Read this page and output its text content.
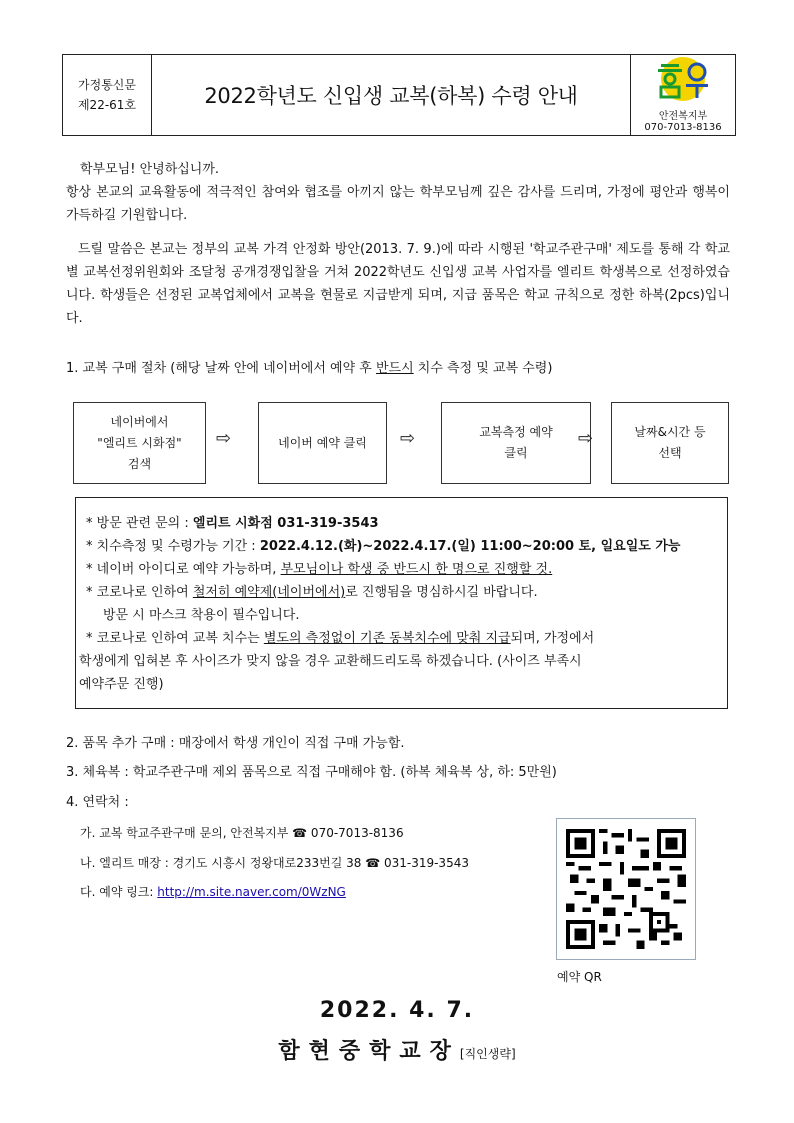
가정통신문
제22-61호	2022학년도 신입생 교복(하복) 수령 안내
안전복지부
070-7013-8136
학부모님! 안녕하십니까.
항상 본교의 교육활동에 적극적인 참여와 협조를 아끼지 않는 학부모님께 깊은 감사를 드리며, 가정에 평안과 행복이 가득하길 기원합니다.
드릴 말씀은 본교는 정부의 교복 가격 안정화 방안(2013. 7. 9.)에 따라 시행된 '학교주관구매' 제도를 통해 각 학교별 교복선정위원회와 조달청 공개경쟁입찰을 거쳐 2022학년도 신입생 교복 사업자를 엘리트 학생복으로 선정하였습니다. 학생들은 선정된 교복업체에서 교복을 현물로 지급받게 되며, 지급 품목은 학교 규칙으로 정한 하복(2pcs)입니다.
1. 교복 구매 절차 (해당 날짜 안에 네이버에서 예약 후 반드시 치수 측정 및 교복 수령)
네이버에서
"엘리트 시화점"
검색
⇨	네이버 예약 클릭 ⇨	교복측정 예약
클릭
⇨	날짜&시간 등
선택
* 방문 관련 문의 : 엘리트 시화점 031-319-3543
* 치수측정 및 수령가능 기간 : 2022.4.12.(화)~2022.4.17.(일) 11:00~20:00 토, 일요일도 가능
* 네이버 아이디로 예약 가능하며, 부모님이나 학생 중 반드시 한 명으로 진행할 것.
* 코로나로 인하여 철저히 예약제(네이버에서)로 진행됨을 명심하시길 바랍니다.
방문 시 마스크 착용이 필수입니다.
* 코로나로 인하여 교복 치수는 별도의 측정없이 기존 동복치수에 맞춰 지급되며, 가정에서
학생에게 입혀본 후 사이즈가 맞지 않을 경우 교환해드리도록 하겠습니다. (사이즈 부족시
예약주문 진행)
2. 품목 추가 구매 : 매장에서 학생 개인이 직접 구매 가능함.
3. 체육복 : 학교주관구매 제외 품목으로 직접 구매해야 함. (하복 체육복 상, 하: 5만원)
4. 연락처 :
가. 교복 학교주관구매 문의, 안전복지부 ☎ 070-7013-8136
나. 엘리트 매장 : 경기도 시흥시 정왕대로233번길 38 ☎ 031-319-3543
다. 예약 링크: http://m.site.naver.com/0WzNG
예약 QR
2022. 4. 7.
함현중학교장[직인생략]
